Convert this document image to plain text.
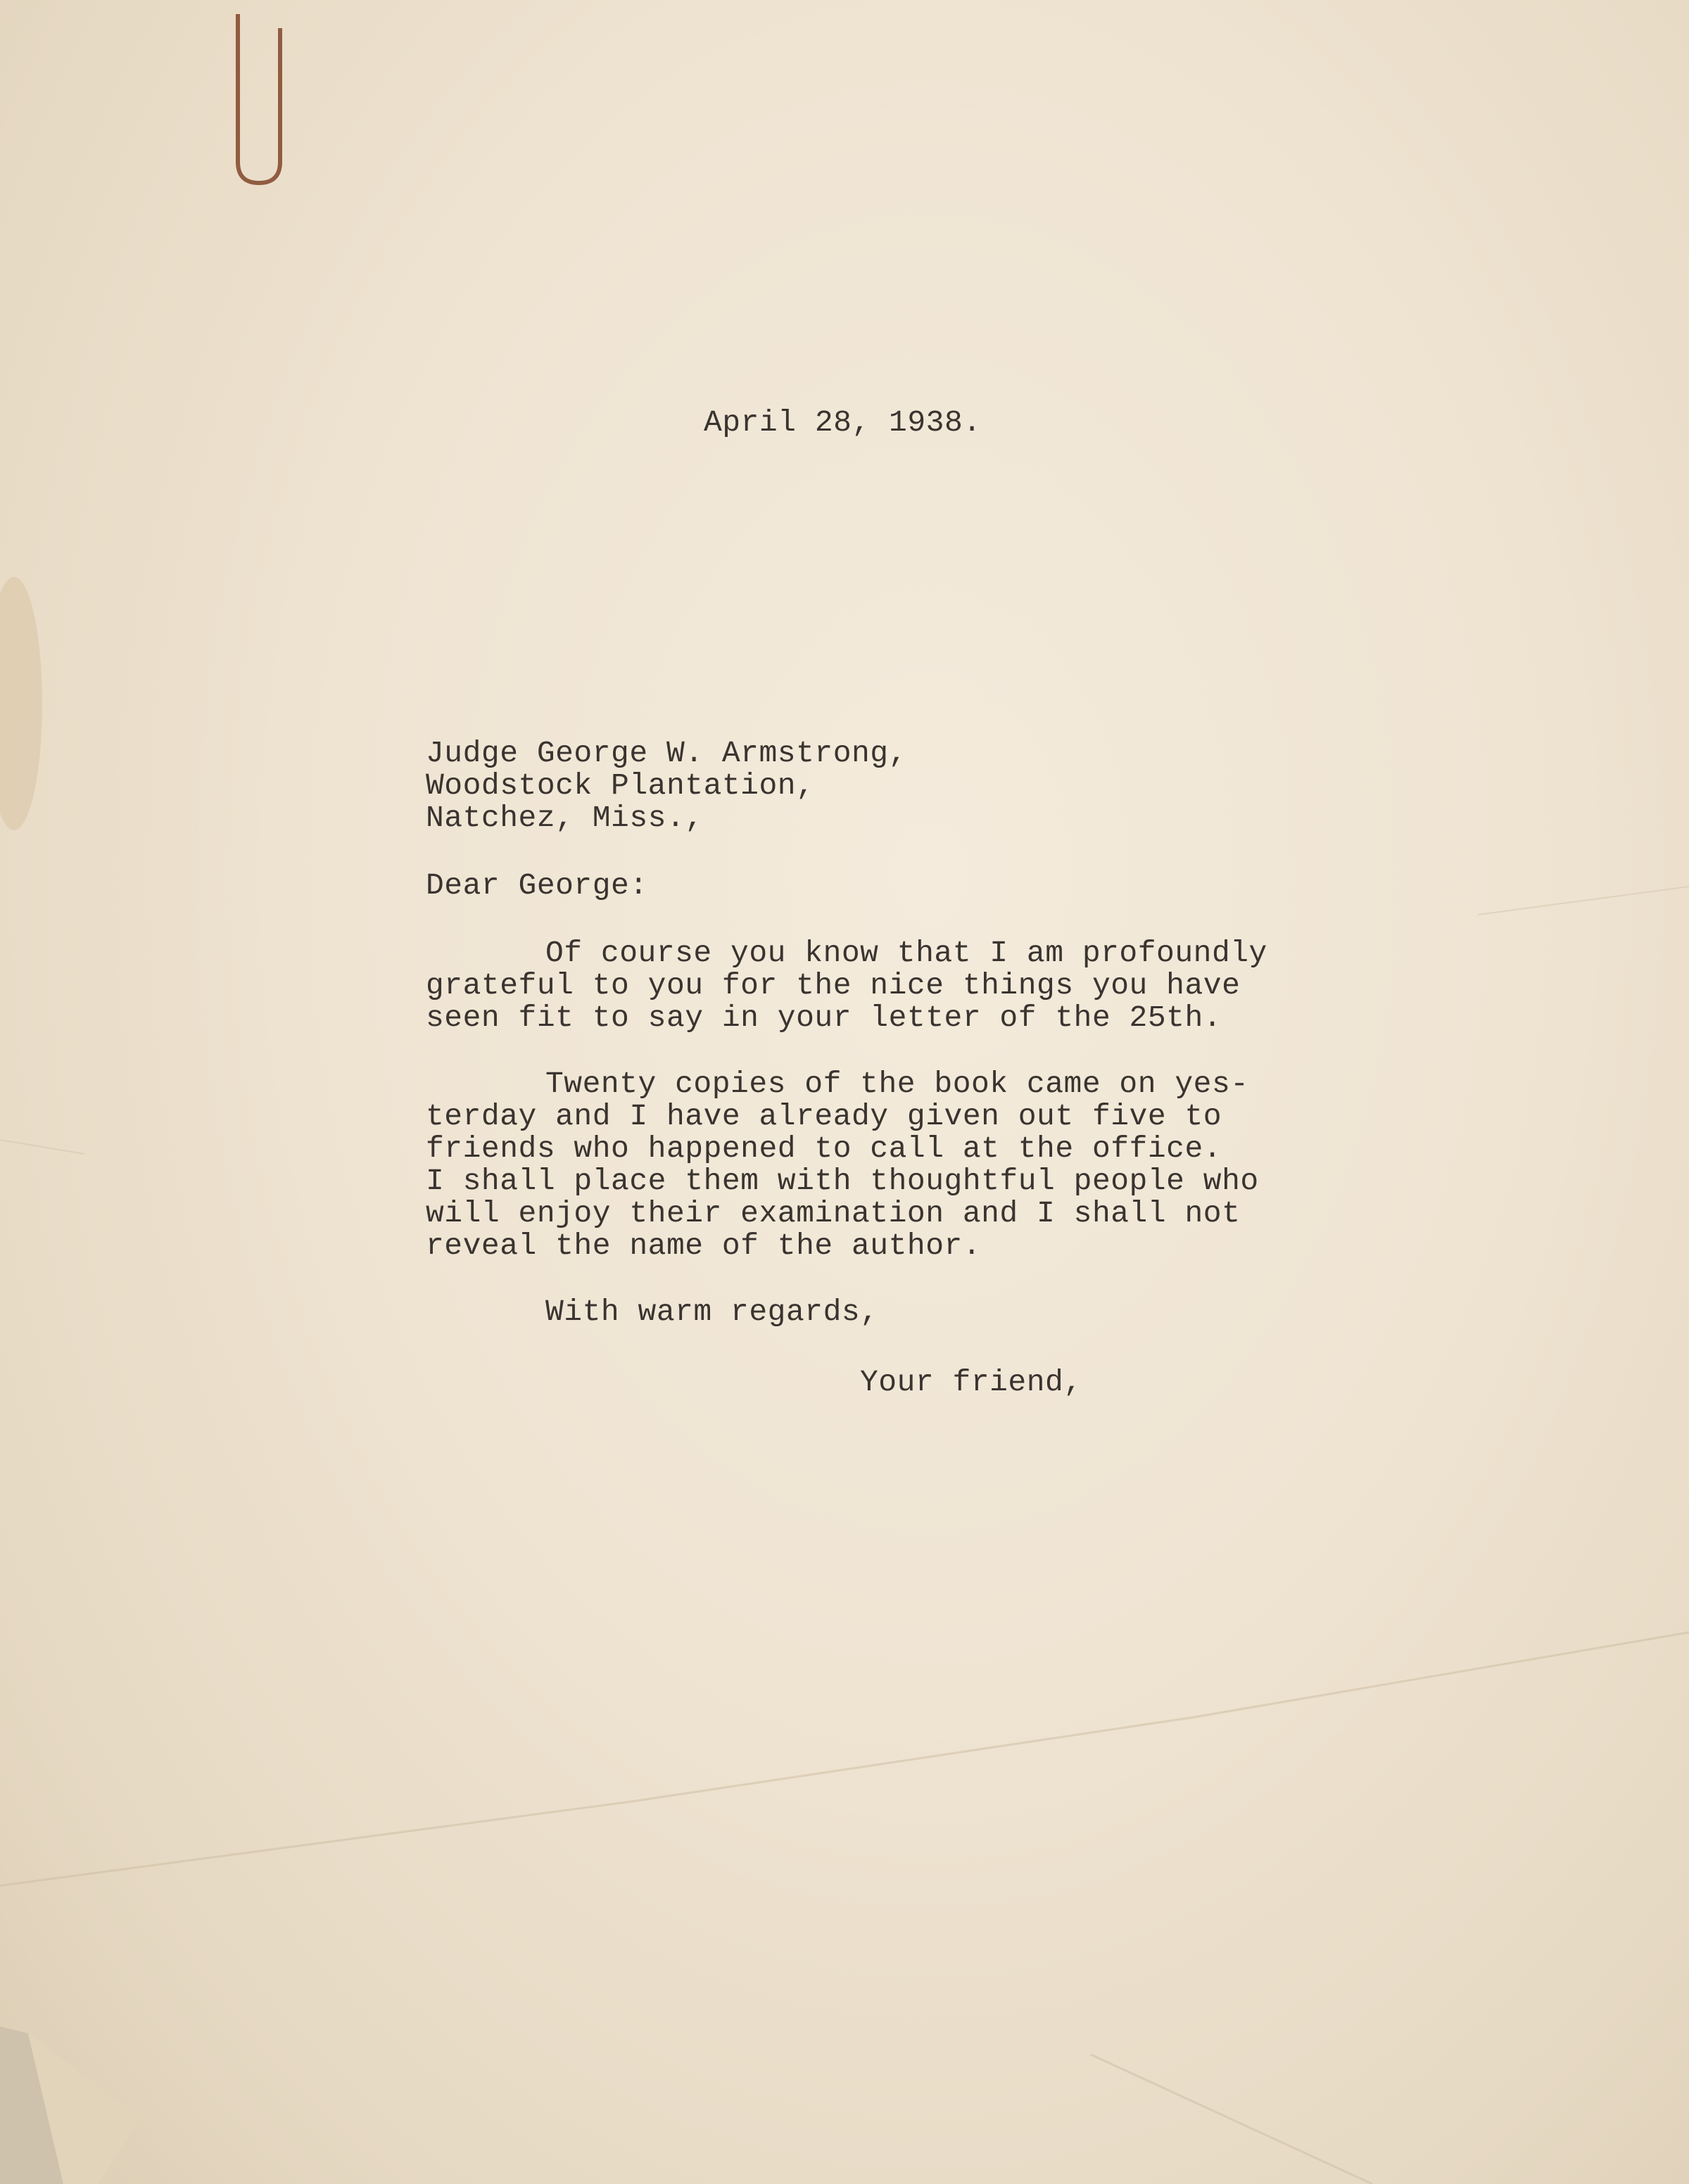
April 28, 1938.
Judge George W. Armstrong,
Woodstock Plantation,
Natchez, Miss.,
Dear George:
Of course you know that I am profoundly
grateful to you for the nice things you have
seen fit to say in your letter of the 25th.
Twenty copies of the book came on yes-
terday and I have already given out five to
friends who happened to call at the office.
I shall place them with thoughtful people who
will enjoy their examination and I shall not
reveal the name of the author.
With warm regards,
Your friend,
